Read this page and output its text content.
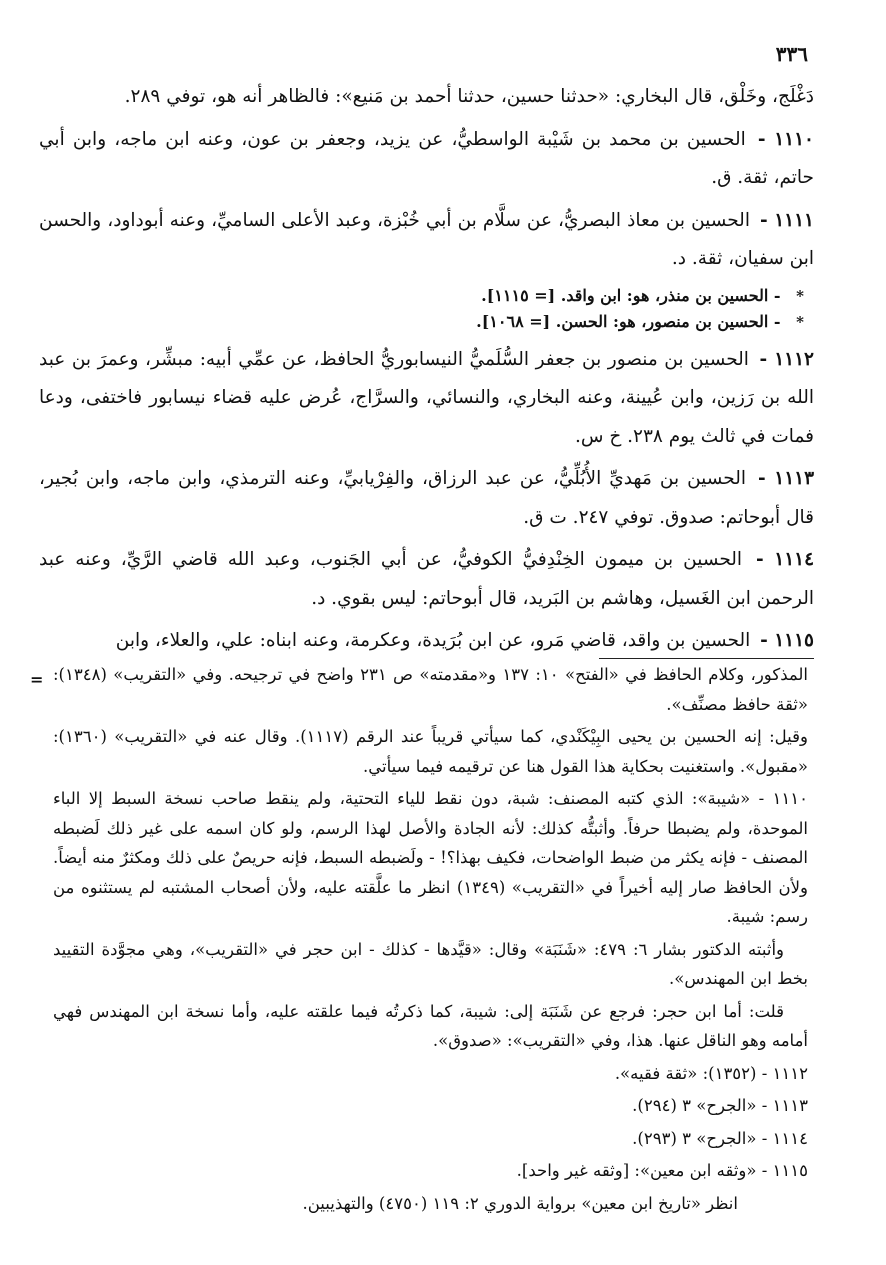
٣٣٦
دَغْلَج، وخَلْق، قال البخاري: «حدثنا حسين، حدثنا أحمد بن مَنيع»: فالظاهر أنه هو، توفي ٢٨٩.
١١١٠ - الحسين بن محمد بن شَيْبة الواسطيُّ، عن يزيد، وجعفر بن عون، وعنه ابن ماجه، وابن أبي حاتم، ثقة. ق.
١١١١ - الحسين بن معاذ البصريُّ، عن سلَّام بن أبي خُبْزة، وعبد الأعلى الساميِّ، وعنه أبوداود، والحسن ابن سفيان، ثقة. د.
* - الحسين بن منذر، هو: ابن واقد. [= ١١١٥].
* - الحسين بن منصور، هو: الحسن. [= ١٠٦٨].
١١١٢ - الحسين بن منصور بن جعفر السُّلَميُّ النيسابوريُّ الحافظ، عن عمِّي أبيه: مبشِّر، وعمرَ بن عبد الله بن رَزين، وابن عُيينة، وعنه البخاري، والنسائي، والسرَّاج، عُرض عليه قضاء نيسابور فاختفى، ودعا فمات في ثالث يوم ٢٣٨. خ س.
١١١٣ - الحسين بن مَهديِّ الأُبُلِّيُّ، عن عبد الرزاق، والفِرْيابيِّ، وعنه الترمذي، وابن ماجه، وابن بُجير، قال أبوحاتم: صدوق. توفي ٢٤٧. ت ق.
١١١٤ - الحسين بن ميمون الخِنْدِفيُّ الكوفيُّ، عن أبي الجَنوب، وعبد الله قاضي الرَّيِّ، وعنه عبد الرحمن ابن الغَسيل، وهاشم بن البَريد، قال أبوحاتم: ليس بقوي. د.
١١١٥ - الحسين بن واقد، قاضي مَرو، عن ابن بُرَيدة، وعكرمة، وعنه ابناه: علي، والعلاء، وابن
= المذكور، وكلام الحافظ في «الفتح» ١٠: ١٣٧ و«مقدمته» ص ٢٣١ واضح في ترجيحه. وفي «التقريب» (١٣٤٨): «ثقة حافظ مصنِّف».

وقيل: إنه الحسين بن يحيى البِيْكَنْدي، كما سيأتي قريباً عند الرقم (١١١٧). وقال عنه في «التقريب» (١٣٦٠): «مقبول». واستغنيت بحكاية هذا القول هنا عن ترقيمه فيما سيأتي.

١١١٠ - «شيبة»: الذي كتبه المصنف: شبة، دون نقط للياء التحتية، ولم ينقط صاحب نسخة السبط إلا الباء الموحدة، ولم يضبطا حرفاً. وأثبتُّه كذلك: لأنه الجادة والأصل لهذا الرسم، ولو كان اسمه على غير ذلك لَضبطه المصنف - فإنه يكثر من ضبط الواضحات، فكيف بهذا؟! - ولَضبطه السبط، فإنه حريصٌ على ذلك ومكثرٌ منه أيضاً. ولأن الحافظ صار إليه أخيراً في «التقريب» (١٣٤٩) انظر ما علَّقته عليه، ولأن أصحاب المشتبه لم يستثنوه من رسم: شيبة.

وأثبته الدكتور بشار ٦: ٤٧٩: «شَنَبَة» وقال: «قيَّدها - كذلك - ابن حجر في «التقريب»، وهي مجوَّدة التقييد بخط ابن المهندس».

قلت: أما ابن حجر: فرجع عن شَنَبَة إلى: شيبة، كما ذكرتُه فيما علقته عليه، وأما نسخة ابن المهندس فهي أمامه وهو الناقل عنها. هذا، وفي «التقريب»: «صدوق».

١١١٢ - (١٣٥٢): «ثقة فقيه».

١١١٣ - «الجرح» ٣ (٢٩٤).

١١١٤ - «الجرح» ٣ (٢٩٣).

١١١٥ - «وثقه ابن معين»: [وثقه غير واحد].

انظر «تاريخ ابن معين» برواية الدوري ٢: ١١٩ (٤٧٥٠) والتهذيبين.
